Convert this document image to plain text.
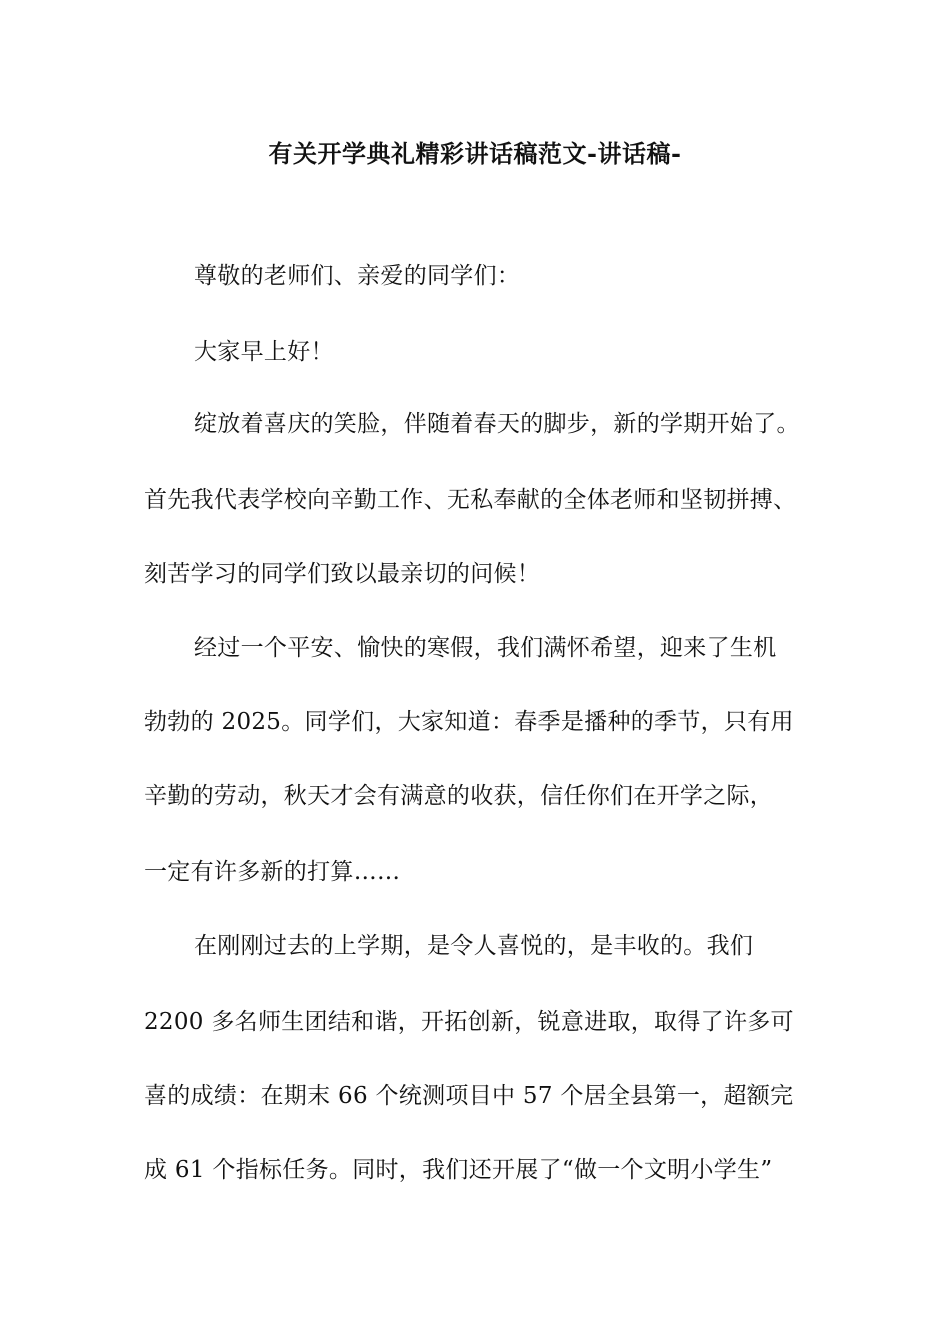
有关开学典礼精彩讲话稿范文-讲话稿-
尊敬的老师们、亲爱的同学们：
大家早上好！
绽放着喜庆的笑脸，伴随着春天的脚步，新的学期开始了。
首先我代表学校向辛勤工作、无私奉献的全体老师和坚韧拼搏、
刻苦学习的同学们致以最亲切的问候！
经过一个平安、愉快的寒假，我们满怀希望，迎来了生机
勃勃的 2025。同学们，大家知道：春季是播种的季节，只有用
辛勤的劳动，秋天才会有满意的收获，信任你们在开学之际，
一定有许多新的打算……
在刚刚过去的上学期，是令人喜悦的，是丰收的。我们
2200 多名师生团结和谐，开拓创新，锐意进取，取得了许多可
喜的成绩：在期末 66 个统测项目中 57 个居全县第一，超额完
成 61 个指标任务。同时，我们还开展了“做一个文明小学生”
